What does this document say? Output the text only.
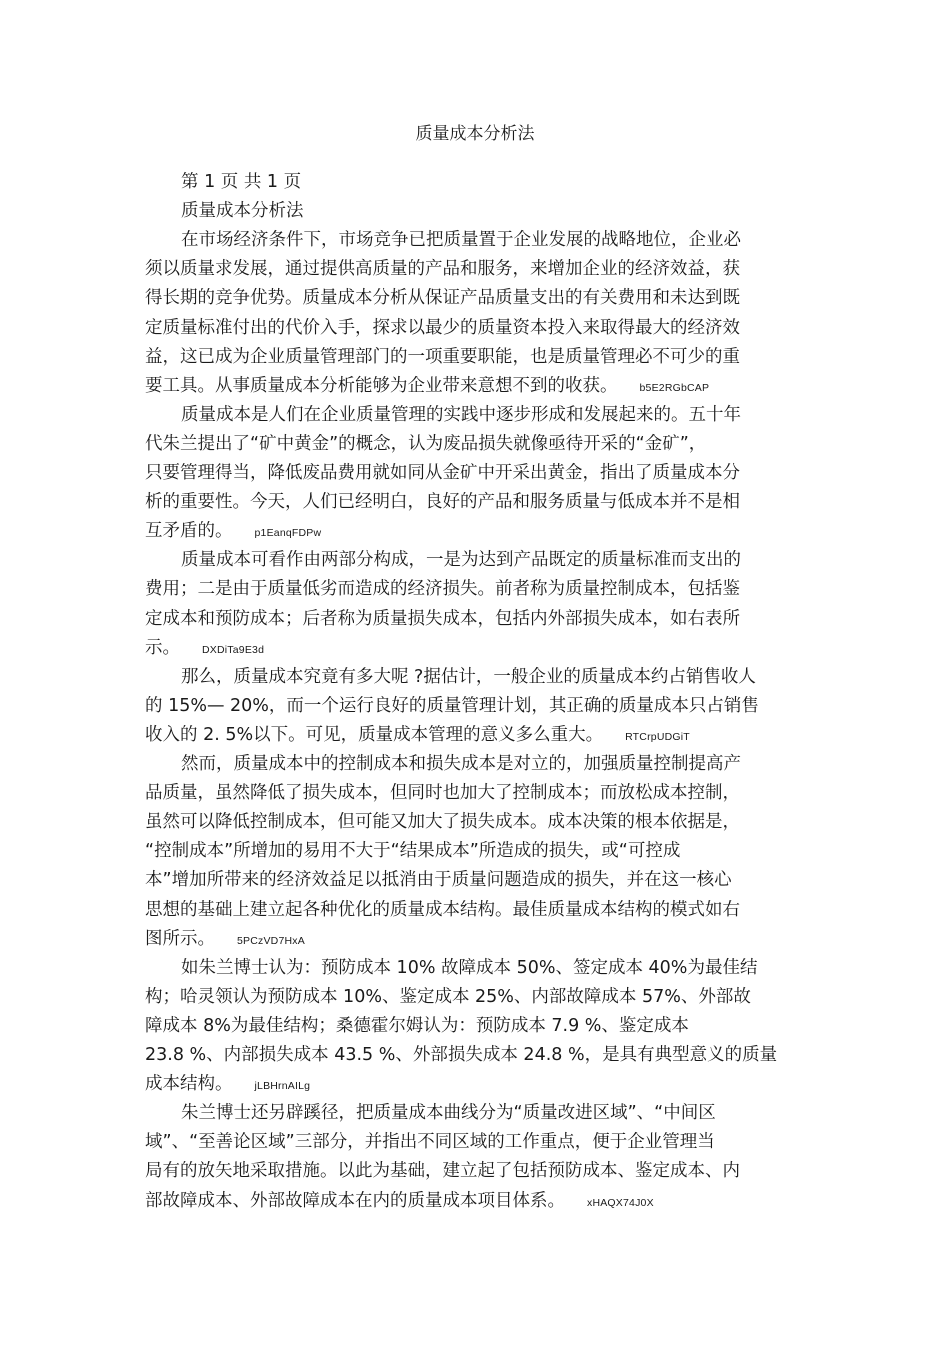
质量成本分析法
第 1 页 共 1 页
质量成本分析法
在市场经济条件下，市场竞争已把质量置于企业发展的战略地位，企业必
须以质量求发展，通过提供高质量的产品和服务，来增加企业的经济效益，获
得长期的竞争优势。质量成本分析从保证产品质量支出的有关费用和未达到既
定质量标准付出的代价入手，探求以最少的质量资本投入来取得最大的经济效
益，这已成为企业质量管理部门的一项重要职能，也是质量管理必不可少的重
要工具。从事质量成本分析能够为企业带来意想不到的收获。 b5E2RGbCAP
质量成本是人们在企业质量管理的实践中逐步形成和发展起来的。五十年
代朱兰提出了“矿中黄金”的概念，认为废品损失就像亟待开采的“金矿”，
只要管理得当，降低废品费用就如同从金矿中开采出黄金，指出了质量成本分
析的重要性。今天，人们已经明白，良好的产品和服务质量与低成本并不是相
互矛盾的。 p1EanqFDPw
质量成本可看作由两部分构成，一是为达到产品既定的质量标准而支出的
费用；二是由于质量低劣而造成的经济损失。前者称为质量控制成本，包括鉴
定成本和预防成本；后者称为质量损失成本，包括内外部损失成本，如右表所
示。 DXDiTa9E3d
那么，质量成本究竟有多大呢 ?据估计，一般企业的质量成本约占销售收人
的 15%— 20%，而一个运行良好的质量管理计划，其正确的质量成本只占销售
收入的 2. 5%以下。可见，质量成本管理的意义多么重大。 RTCrpUDGiT
然而，质量成本中的控制成本和损失成本是对立的，加强质量控制提高产
品质量，虽然降低了损失成本，但同时也加大了控制成本；而放松成本控制，
虽然可以降低控制成本，但可能又加大了损失成本。成本决策的根本依据是，
“控制成本”所增加的易用不大于“结果成本”所造成的损失，或“可控成
本”增加所带来的经济效益足以抵消由于质量问题造成的损失，并在这一核心
思想的基础上建立起各种优化的质量成本结构。最佳质量成本结构的模式如右
图所示。 5PCzVD7HxA
如朱兰博士认为：预防成本 10% 故障成本 50%、签定成本 40%为最佳结
构；哈灵领认为预防成本 10%、鉴定成本 25%、内部故障成本 57%、外部故
障成本 8%为最佳结构；桑德霍尔姆认为：预防成本 7.9 %、鉴定成本
23.8 %、内部损失成本 43.5 %、外部损失成本 24.8 %，是具有典型意义的质量
成本结构。 jLBHrnAILg
朱兰博士还另辟蹊径，把质量成本曲线分为“质量改进区域”、“中间区
域”、“至善论区域”三部分，并指出不同区域的工作重点，便于企业管理当
局有的放矢地采取措施。以此为基础，建立起了包括预防成本、鉴定成本、内
部故障成本、外部故障成本在内的质量成本项目体系。 xHAQX74J0X
